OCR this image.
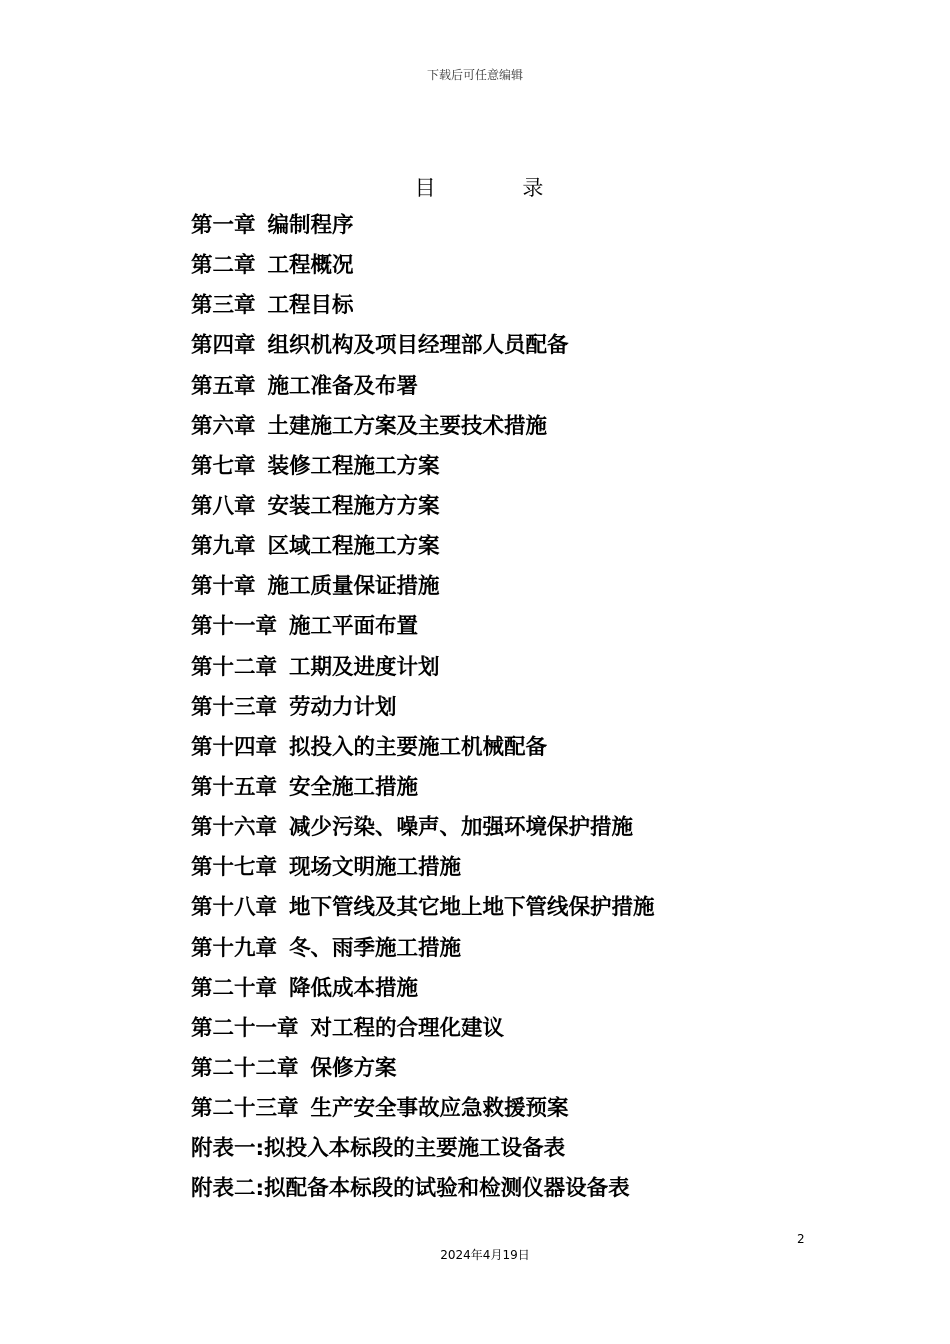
下载后可任意编辑
目 录
第一章 编制程序
第二章 工程概况
第三章 工程目标
第四章 组织机构及项目经理部人员配备
第五章 施工准备及布署
第六章 土建施工方案及主要技术措施
第七章 装修工程施工方案
第八章 安装工程施方方案
第九章 区域工程施工方案
第十章 施工质量保证措施
第十一章 施工平面布置
第十二章 工期及进度计划
第十三章 劳动力计划
第十四章 拟投入的主要施工机械配备
第十五章 安全施工措施
第十六章 减少污染、噪声、加强环境保护措施
第十七章 现场文明施工措施
第十八章 地下管线及其它地上地下管线保护措施
第十九章 冬、雨季施工措施
第二十章 降低成本措施
第二十一章 对工程的合理化建议
第二十二章 保修方案
第二十三章 生产安全事故应急救援预案
附表一:拟投入本标段的主要施工设备表
附表二:拟配备本标段的试验和检测仪器设备表
2
2024年4月19日
